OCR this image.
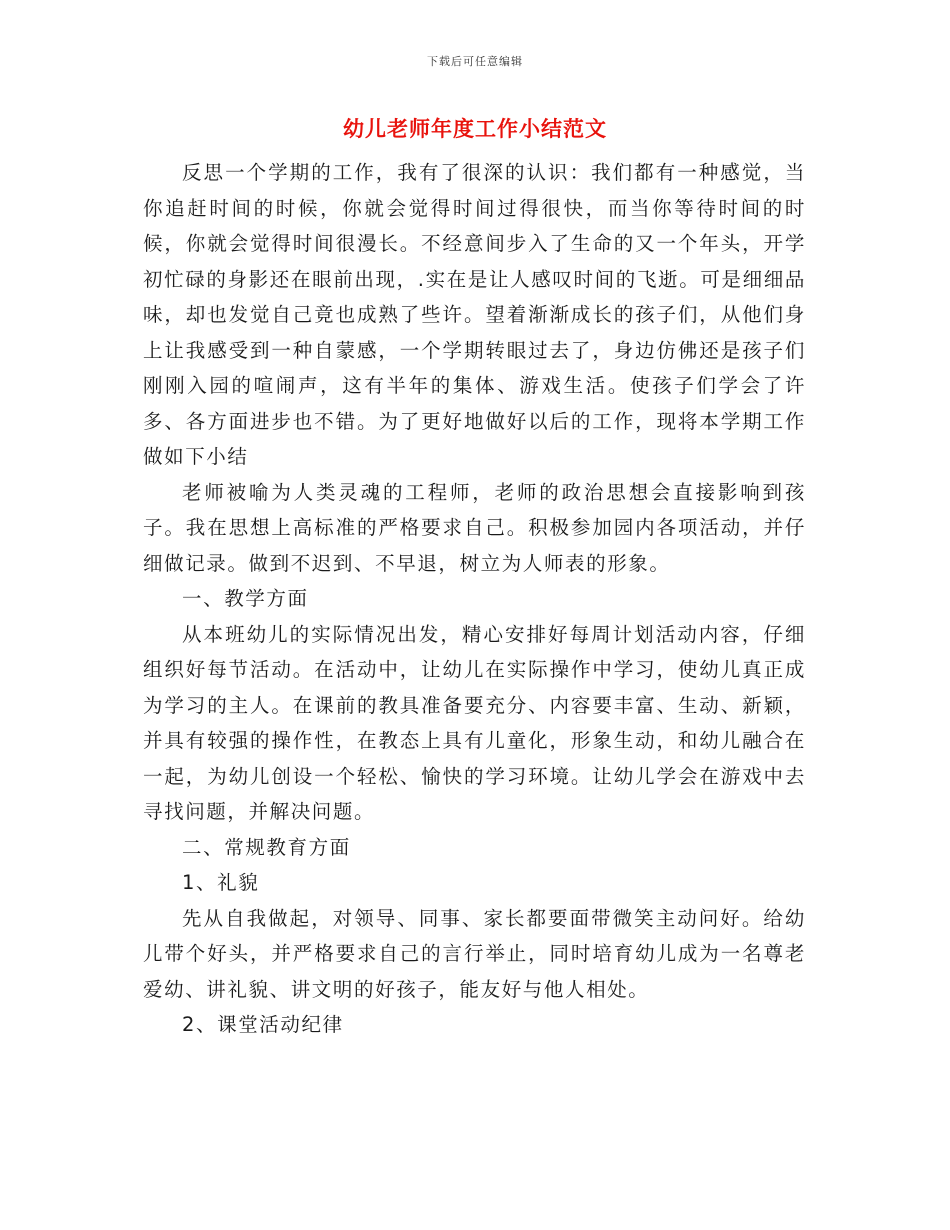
下载后可任意编辑
幼儿老师年度工作小结范文

反思一个学期的工作，我有了很深的认识：我们都有一种感觉，当你追赶时间的时候，你就会觉得时间过得很快，而当你等待时间的时候，你就会觉得时间很漫长。不经意间步入了生命的又一个年头，开学初忙碌的身影还在眼前出现，.实在是让人感叹时间的飞逝。可是细细品味，却也发觉自己竟也成熟了些许。望着渐渐成长的孩子们，从他们身上让我感受到一种自蒙感，一个学期转眼过去了，身边仿佛还是孩子们刚刚入园的喧闹声，这有半年的集体、游戏生活。使孩子们学会了许多、各方面进步也不错。为了更好地做好以后的工作，现将本学期工作做如下小结

老师被喻为人类灵魂的工程师，老师的政治思想会直接影响到孩子。我在思想上高标准的严格要求自己。积极参加园内各项活动，并仔细做记录。做到不迟到、不早退，树立为人师表的形象。

一、教学方面

从本班幼儿的实际情况出发，精心安排好每周计划活动内容，仔细组织好每节活动。在活动中，让幼儿在实际操作中学习，使幼儿真正成为学习的主人。在课前的教具准备要充分、内容要丰富、生动、新颖，并具有较强的操作性，在教态上具有儿童化，形象生动，和幼儿融合在一起，为幼儿创设一个轻松、愉快的学习环境。让幼儿学会在游戏中去寻找问题，并解决问题。

二、常规教育方面

1、礼貌

先从自我做起，对领导、同事、家长都要面带微笑主动问好。给幼儿带个好头，并严格要求自己的言行举止，同时培育幼儿成为一名尊老爱幼、讲礼貌、讲文明的好孩子，能友好与他人相处。

2、课堂活动纪律
